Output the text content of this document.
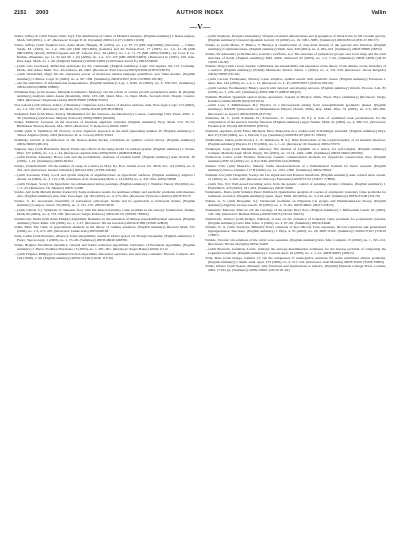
2151 2003	AUTHOR INDEX	Vallin
—V—

Vaaler, Jeffrey R. (with Cheers, Marc Jay): The distribution of values of Mahler's measure. (English summary) J. Reine Angew. Math. 540 (2001), 1–47. (Reviewer: Kroger P. D. Unyankil) 2003a:11127 (11R06 11C08)

Vaaler, Jeffrey (with Vaughan Jaco, Anna Mark; Haugen, H. (1993), no. 1-2, 67–75 [MR 94g:54039] (Sarrazin) — Ulmer, Sarah, M. (1993), no. 1-2, 109–120 [MR 93j:54025] (Gentile) and M. Fenton-Ford. 77 (1997), no. 1-2, 41–46 [MR 98k:54055] (Ravel) 2003a:Coppens and M. Cenoni, Proc. 64 (2001), no. 1-2, 71–75 [MR 2000e:54009]—by Coxe P. Le. Ramus. Zhnensko, pp. 11–32 and M. 1 (5) (2002), no. 1-2, 117–125 [MR 2003f:54003]. (Reviewed in (1997), 109. Ann. Pure Appl. Math. 21. 1–40. (English) Summary) 2003d:54002 (with Ernest Stuart E.) 2003d:54009

—(with Lars Jacobson): Reflection principles for the continuum. (English summary) Logic and algebra, 99–113, Contemp. Math., 302, Amer. Math. Soc., Providence, RI, 2002. (Reviewer: Paul Larson) 2003g:03004 (03E50 03E35)

—(with Wesserfeld, Dag): On the expressive power of monotone natural language quantifiers over finite models. (English summary) J. Philos. Logic 31 (2002), no. 4, 327–358. (Summary) 2003f:03037 (03C13 03B65 03C80)

—On the semantics of informational independence. (English summary) Log. J. IGPL 10 (2002), no. 3, 339–352. (Summary) 2003e:03053 (03B60 03B65)

Väänänen Rejo (with Aarnes, Mazurek Korshunov, Mazzeo): On the robust of certain growth perturbation terms. B. (English summary) Analysis under Aspen (Roskilde), 2002, 133–148, Quad. Mat., 11, Dept. Math., Seconda Univ. Napoli, Caserta, 2002. (Reviewer: Raymond Lubin) 2003f:35080 (35B40 35J65)

Vad, Lakoté (with Gibson, John L.): Boundary complexes and a theory of abstract surfaces. Ann. Pure Appl. Logic 113 (2002), no. 1-3, 319–337. (Reviewer: Ph. Math. Ed.) 2003e:03148 (03C80 03B45)

Vaderlind, Paul (with Pérez, Pedro): Mathematics for the Sciences. An Introductory Course. Cambridge Univ. Press. 2002. 1–30. (Summary) (Reviewer: Mirjana Sotirović) 2003g:00003 (00A06)

Vadier, Matthew: Lectures on the structure of invariant algebraic varieties. (English summary) Prog. Math. 213. 55–72, Birkhäuser Boston, Boston, MA, 2002. (Reviewer: V. Kasparov) 2003e:14057

Vadim (with V. Vermilion, M. Ivanov): A new algebraic approach in the shaft generating number. B. (English summary) J. Tensor Algebra (Ulm), 2003 (Reviewer: D. A. Coxon) 2003c:32012

Vadimsky Gerald: A modification of the Nelson–Kuhn–Tucker conditions in optimal control theory. (English summary) 2003e:58003 (90C25)

Vagnoni, Sara (with Holzmann, Peter): Finite size effects in the Ising model on random graphs. (English summary) J. Statist. Phys. 107 (2002), no. 1-2, 1–34. (Reviewer: Ayumu Oda) 2003g:82011 (82B20 82B44)

—(with Pereira, Amadeu): Heavy tails and the probabilistic structure of random fields. (English summary) Ann. Probab. 30 (2002), 1–16. (Summary) 2003e:60104

Vaidya, Chandramouli: On the number of cusps in a lattice in SL(2, R). Proc. Indian Acad. Sci. Math. Sci. 112 (2002), no. 3, 301–316. (Reviewer: Gisbert Wüstholz) 2003d:11061 (11F06 22E40)

—(with Sorensen, Erik): Local and global analysis of eigenfunctions on hyperbolic surfaces. (English summary) Algebra i Analiz 14 (2002), no. 2, 115–138; translation in St. Petersburg Math. J. 14 (2003), no. 2, 347–364. 2003e:58048

—(with Wolpert, Scott): On hyperbolic two-dimensional lattice packings. (English summary) J. Number Theory 96 (2002), no. 1, 3–23. (Reviewer: Ch. Meister) 2003c:11080

Vaidya, Ajit (with Mirjam Krtinić Zarković): Some existence results for nonlinear elliptic and parabolic problems with measure data. (English summary) Ann. Mat. Pura Appl. (4) 181 (2002), no. 4, 275–302. (Reviewer: Francesco Petitta) 2003f:35110

Vaidya, U. K.: Aeroelastic instability of pretwisted, orthotropic beams and its application to helicopter blades. (English summary) Compos. Struct. 56 (2002), no. 2, 155–170. 2003d:74036

—(with Ghosh, S.): Synthesis of transonic flow with the mixed boundary value problem in the entropy formulation. Numer. Math. 90 (2002), no. 4, 733–790. (Reviewer: Sergio Polidoro) 2003e:65131 (65N30 76M10)

Vaillancourt, Rémi (with Alain Pinsky): Algorithm: Remarks on the extension of bilinear pseudodifferential operators. (English summary) Stud. Math. 150 (2002), no. 1, 1–27. (Reviewer: Nicola Garofalo) 2003e:47089 (35S05 42B20)

Valkó, Béla: The value of approximate methods in the theory of cellular automata. (English summary) Discrete Math. 255 (2002), no. 1-3, 271–287. (Reviewer: Jarkko Kari) 2003d:68138

Valle, Giulia (with Fiorenza, Alberto): Some integrability results in Orlicz spaces via Young's inequality. (English summary) J. Funct. Spaces Appl. 1 (2003), no. 1, 33–48. (Summary) 2003f:46040 (46E30)

Vallée, Brigitte: Euclidean dynamics: rational and lattice reduction algorithms. Dynamics of Euclidean algorithms. (English summary) J. Théor. Nombres Bordeaux 15 (2003), no. 1, 281–301. (Reviewer: Roger Baker) 2003d:11112

—(with Flajolet, Philippe): Continued fraction algorithms, functional operators, and structure constants. Theoret. Comput. Sci. 194 (1998), 1–34. (English summary) 2003e:11130 (11K50 11Y16)

—(with Stephens, Douglas Alexander): Warped rotational deformations and propagation of black holes in 5D vacuum gravity. (English summary) Classical Quantum Gravity 19 (2002), no. 19, 5061–5085. (Summary) 2003b:83122 (83C15 83C57)

Valdés, A. (with Mateo, F. Blanco, V. Bueno): A classification of cusp-form models of the spectral zeta function. (English summary) Communications. (English summary) Math. Ann. 329 (2001), no. 3, 405–423. (Summary) 2003f:58009 (58J52)

Valdez, M. Alexandra (with Barreiro, Gonzalo; Goffredo, G.): The structure of symplectic groups over local rings and the orbit structure of fields. (English summary) Publ. Math. Debrecen 62 (2003), no. 1-2, 7–42. (Summary) 2003f:14059 (14L35 11E95 14L30)

Valente, Tiago (with Cerrai, Sandra; Guillemin): An extendability and extension of the theory of the density on the boundary of a surface. (English summary) (SIAM) Multiscale Model. Simul. 1 (2002), no. 4, 531–558. (Reviewer: Jarrod Delgado) 2003g:53098 (53C44)

—(with Cacioli, Ferdinando; Mauro): Laser adaptive optimal search with quadratic losses. (English summary) European J. Oper. Res. 142 (2002), no. 1-2, 1–15. (Reviewer: G. L. P.) 2003f:65071 (65K10 90C29)

—(with Gasbar, Ferdinando): Binary search with delayed and missing answers. (English summary) Inform. Process. Lett. 85 (2003), no. 5, 229–247. (Summary) 2003c:68015 (68P10 68Q25)

Valentin, Herman: Quantum optical stroke operations. Journal of Physics: Math. Theor. Phys. (Summary) (Reviewer: Sergio Polidoro) 2003e:81038 (81Q10 81S10)

—(with Lara, J. Mühlhaeuser, D.): Physics of a microsystem arising from nonequilibrium geometric phases. (English summary) XXXIII Symposium on Mathematical Physics (Toruń, 2002). Rep. Math. Phys. 51 (2003), no. 2-3, 285–296. (Reviewer: A. Gusev) 2003e:81043 (81V10)

Valentina, M. C. (with Scheinik, H.; Echebarría, V.; Guarrera, M. F.): A class of optimized rank perturbations for the computation of the spectral transfer function. (English summary) Appl. Numer. Math. 41 (2002), no. 4, 499–511. (Reviewer: Frederick W. Friedl) 2003f:65050 (65F15)

Valentini, Agostino (with Faini, Michael): Heat dissipation in a double-well Schrödinger potential. (English summary) Phys. Rev. E (3) 66 (2002), no. 1, 016120, 5 pp. (Summary) 2003f:82107 (82C31 76S05)

Valdmanhan, Stefan (with Kovács, L. P.; Dubikova, B. S.): Time fluctuations of the rough boundary of an unstable interface. (English summary) Physica D 170 (2002), no. 1, 1–12. (Reviewer: M. Kessler) 2003e:37079

Valdipayel, Jorge (with Bermúdez, Alfredo): The method of Lighthill on a lattice, for self-weights. (English summary) Comput. Methods Appl. Mech. Engrg. 191 (2002), no. 13-14, 1445–1466. (Summary) 2003d:74064 (65N30)

Valdeceval, Carlos (with Thomas; Peterson): Generic computational methods for hyperbolic conservation laws. (English summary) BIT 42 (2002), no. 4, 812–846. 2003f:65144 (65M06)

Valente, Ulric (with Mauricio, Simon): Some characterizations of a mathematical formula for linear systems. (English summary) Nuovo Cimento 117 B (2002), no. 12, 1351–1360. (Summary) 2003e:78022

Vaisman, Izu (with Dragomir, Sorin): On Lie algebroids and Poisson manifolds. (English summary) Ann. Global Anal. Geom. 21 (2002), no. 3, 209–226. (Reviewer: Rui Loja Fernandes) 2003f:53151 (53D17 17B66)

—(with Yan, D.): Well-posed incoming wave from the generic control of spinning circular cylinders. (English summary) J. Fluid Mech. 470 (2002), 181–204. (Summary) 2003f:76040

Valdebenito, Paulo (with Schmid, Peter; Dalibard): Quantitative analysis of a series of asymptotic boundary value problems for nonlinear acoustics. (English summary) Quart. Appl. Math. 60 (2002), no. 3, 419–440. (Summary) 2003e:35166 (35L70)

Vaklyn, G. V. (with Dragomir, S.): Variational problems on Nilpotent Lie groups and Hamiltonian-Lie theory. (English summary) Algebras Groups Geom. 18 (2001), no. 1, 71–82. 2003f:49021 (49J15 22E25)

Valenzuela, Marcelo; Marcos: On the topology of the planar Ricci flow. (English summary) J. Differential Geom. 61 (2002), 129–160. (Reviewer: Helmut Pfister) 2003b:53075 (53C44 35K55)

Valerievich, Zarinov (with Krüger, Nikolai): A note on the existence of boundary value problems for polynomial systems. (English summary) Cubo Mat. Educ. 4 (2002), no. 2, 87–99. (Summary) 2003e:34048

Validan, N. A. (with Savelyev, Mikhail): Exact solutions of Kac–Moody Toda equations, Riccati equations and generalized hypergeometric functions. (English summary) J. Phys. A 35 (2002), no. 29, 6087–6102. (Summary) 2003d:37107 (37K10 17B67)

Vallade, Vicente: On solutions of the cubic wave equation. (English summary) Rev. Mat. Complut. 15 (2002), no. 1, 195–212. (Reviewer: Nicola Visciglia) 2003e:35200

—(with Borwein, Jonathan; Lewis, Adrian): An entropy-maximization technique for the inverse problem of computing the Legendre transform. (English summary) J. Convex Anal. 10 (2003), no. 1, 1–12. 2003f:49055 (49N15)

Valle, Raul (with Ortega, Gabriel J.): On the uniqueness of nonnegative solutions for some semilinear elliptic problems. (English summary) J. Math. Anal. Appl. 273 (2002), no. 2, 515–532. (Reviewer: Jean Mawhin) 2003f:35100 (35J60 35B05)

Vallée, Olivier (with Soares, Manuel): Airy functions and applications to physics. (English) Imperial College Press, London, 2004. x+194 pp. (Summary) 2003e:33001 (33C10 81-02)
